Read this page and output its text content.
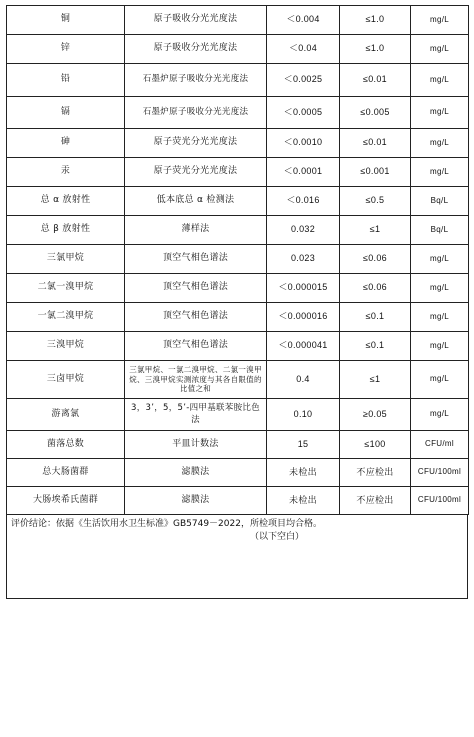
铜	原子吸收分光光度法	＜0.004	≤1.0	mg/L
锌	原子吸收分光光度法	＜0.04	≤1.0	mg/L
铅	石墨炉原子吸收分光光度法	＜0.0025	≤0.01	mg/L
镉	石墨炉原子吸收分光光度法	＜0.0005	≤0.005	mg/L
砷	原子荧光分光光度法	＜0.0010	≤0.01	mg/L
汞	原子荧光分光光度法	＜0.0001	≤0.001	mg/L
总 α 放射性	低本底总 α 检测法	＜0.016	≤0.5	Bq/L
总 β 放射性	薄样法	0.032	≤1	Bq/L
三氯甲烷	顶空气相色谱法	0.023	≤0.06	mg/L
二氯一溴甲烷	顶空气相色谱法	＜0.000015	≤0.06	mg/L
一氯二溴甲烷	顶空气相色谱法	＜0.000016	≤0.1	mg/L
三溴甲烷	顶空气相色谱法	＜0.000041	≤0.1	mg/L
三卤甲烷	三氯甲烷、一氯二溴甲烷、二氯一溴甲烷、三溴甲烷实测浓度与其各自限值的比值之和	0.4	≤1	mg/L
游离氯	3，3’，5，5’-四甲基联苯胺比色法	0.10	≥0.05	mg/L
菌落总数	平皿计数法	15	≤100	CFU/ml
总大肠菌群	滤膜法	未检出	不应检出	CFU/100ml
大肠埃希氏菌群	滤膜法	未检出	不应检出	CFU/100ml
评价结论：依据《生活饮用水卫生标准》GB5749－2022，所检项目均合格。
（以下空白）
